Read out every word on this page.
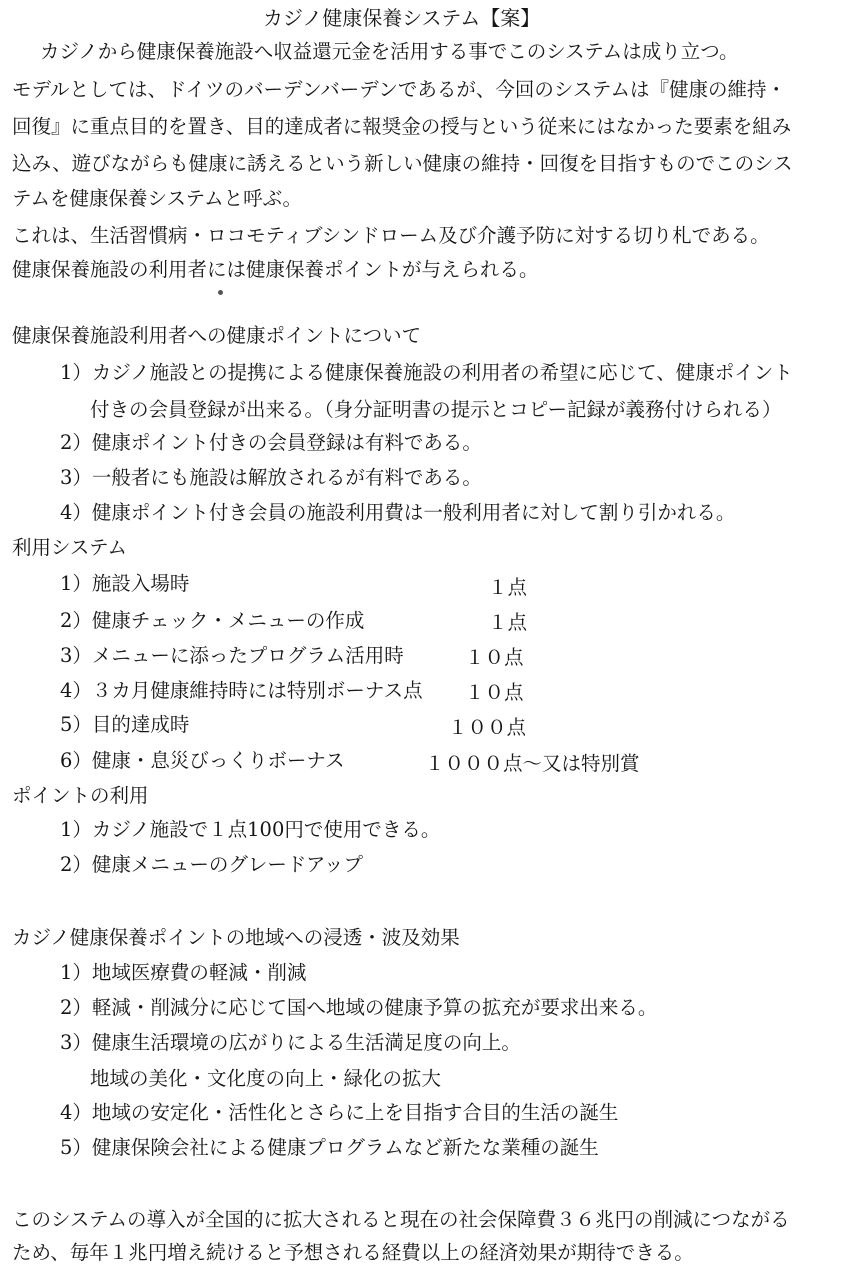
カジノ健康保養システム【案】
カジノから健康保養施設へ収益還元金を活用する事でこのシステムは成り立つ。
モデルとしては、ドイツのバーデンバーデンであるが、今回のシステムは『健康の維持・
回復』に重点目的を置き、目的達成者に報奨金の授与という従来にはなかった要素を組み
込み、遊びながらも健康に誘えるという新しい健康の維持・回復を目指すものでこのシス
テムを健康保養システムと呼ぶ。
これは、生活習慣病・ロコモティブシンドローム及び介護予防に対する切り札である。
健康保養施設の利用者には健康保養ポイントが与えられる。
健康保養施設利用者への健康ポイントについて
1）カジノ施設との提携による健康保養施設の利用者の希望に応じて、健康ポイント
付きの会員登録が出来る。（身分証明書の提示とコピー記録が義務付けられる）
2）健康ポイント付きの会員登録は有料である。
3）一般者にも施設は解放されるが有料である。
4）健康ポイント付き会員の施設利用費は一般利用者に対して割り引かれる。
利用システム
1）施設入場時	１点
2）健康チェック・メニューの作成	１点
3）メニューに添ったプログラム活用時	１０点
4）３カ月健康維持時には特別ボーナス点 １０点
5）目的達成時	１００点
6）健康・息災びっくりボーナス	１０００点～又は特別賞
ポイントの利用
1）カジノ施設で１点100円で使用できる。
2）健康メニューのグレードアップ
カジノ健康保養ポイントの地域への浸透・波及効果
1）地域医療費の軽減・削減
2）軽減・削減分に応じて国へ地域の健康予算の拡充が要求出来る。
3）健康生活環境の広がりによる生活満足度の向上。
地域の美化・文化度の向上・緑化の拡大
4）地域の安定化・活性化とさらに上を目指す合目的生活の誕生
5）健康保険会社による健康プログラムなど新たな業種の誕生
このシステムの導入が全国的に拡大されると現在の社会保障費３６兆円の削減につながる
ため、毎年１兆円増え続けると予想される経費以上の経済効果が期待できる。
